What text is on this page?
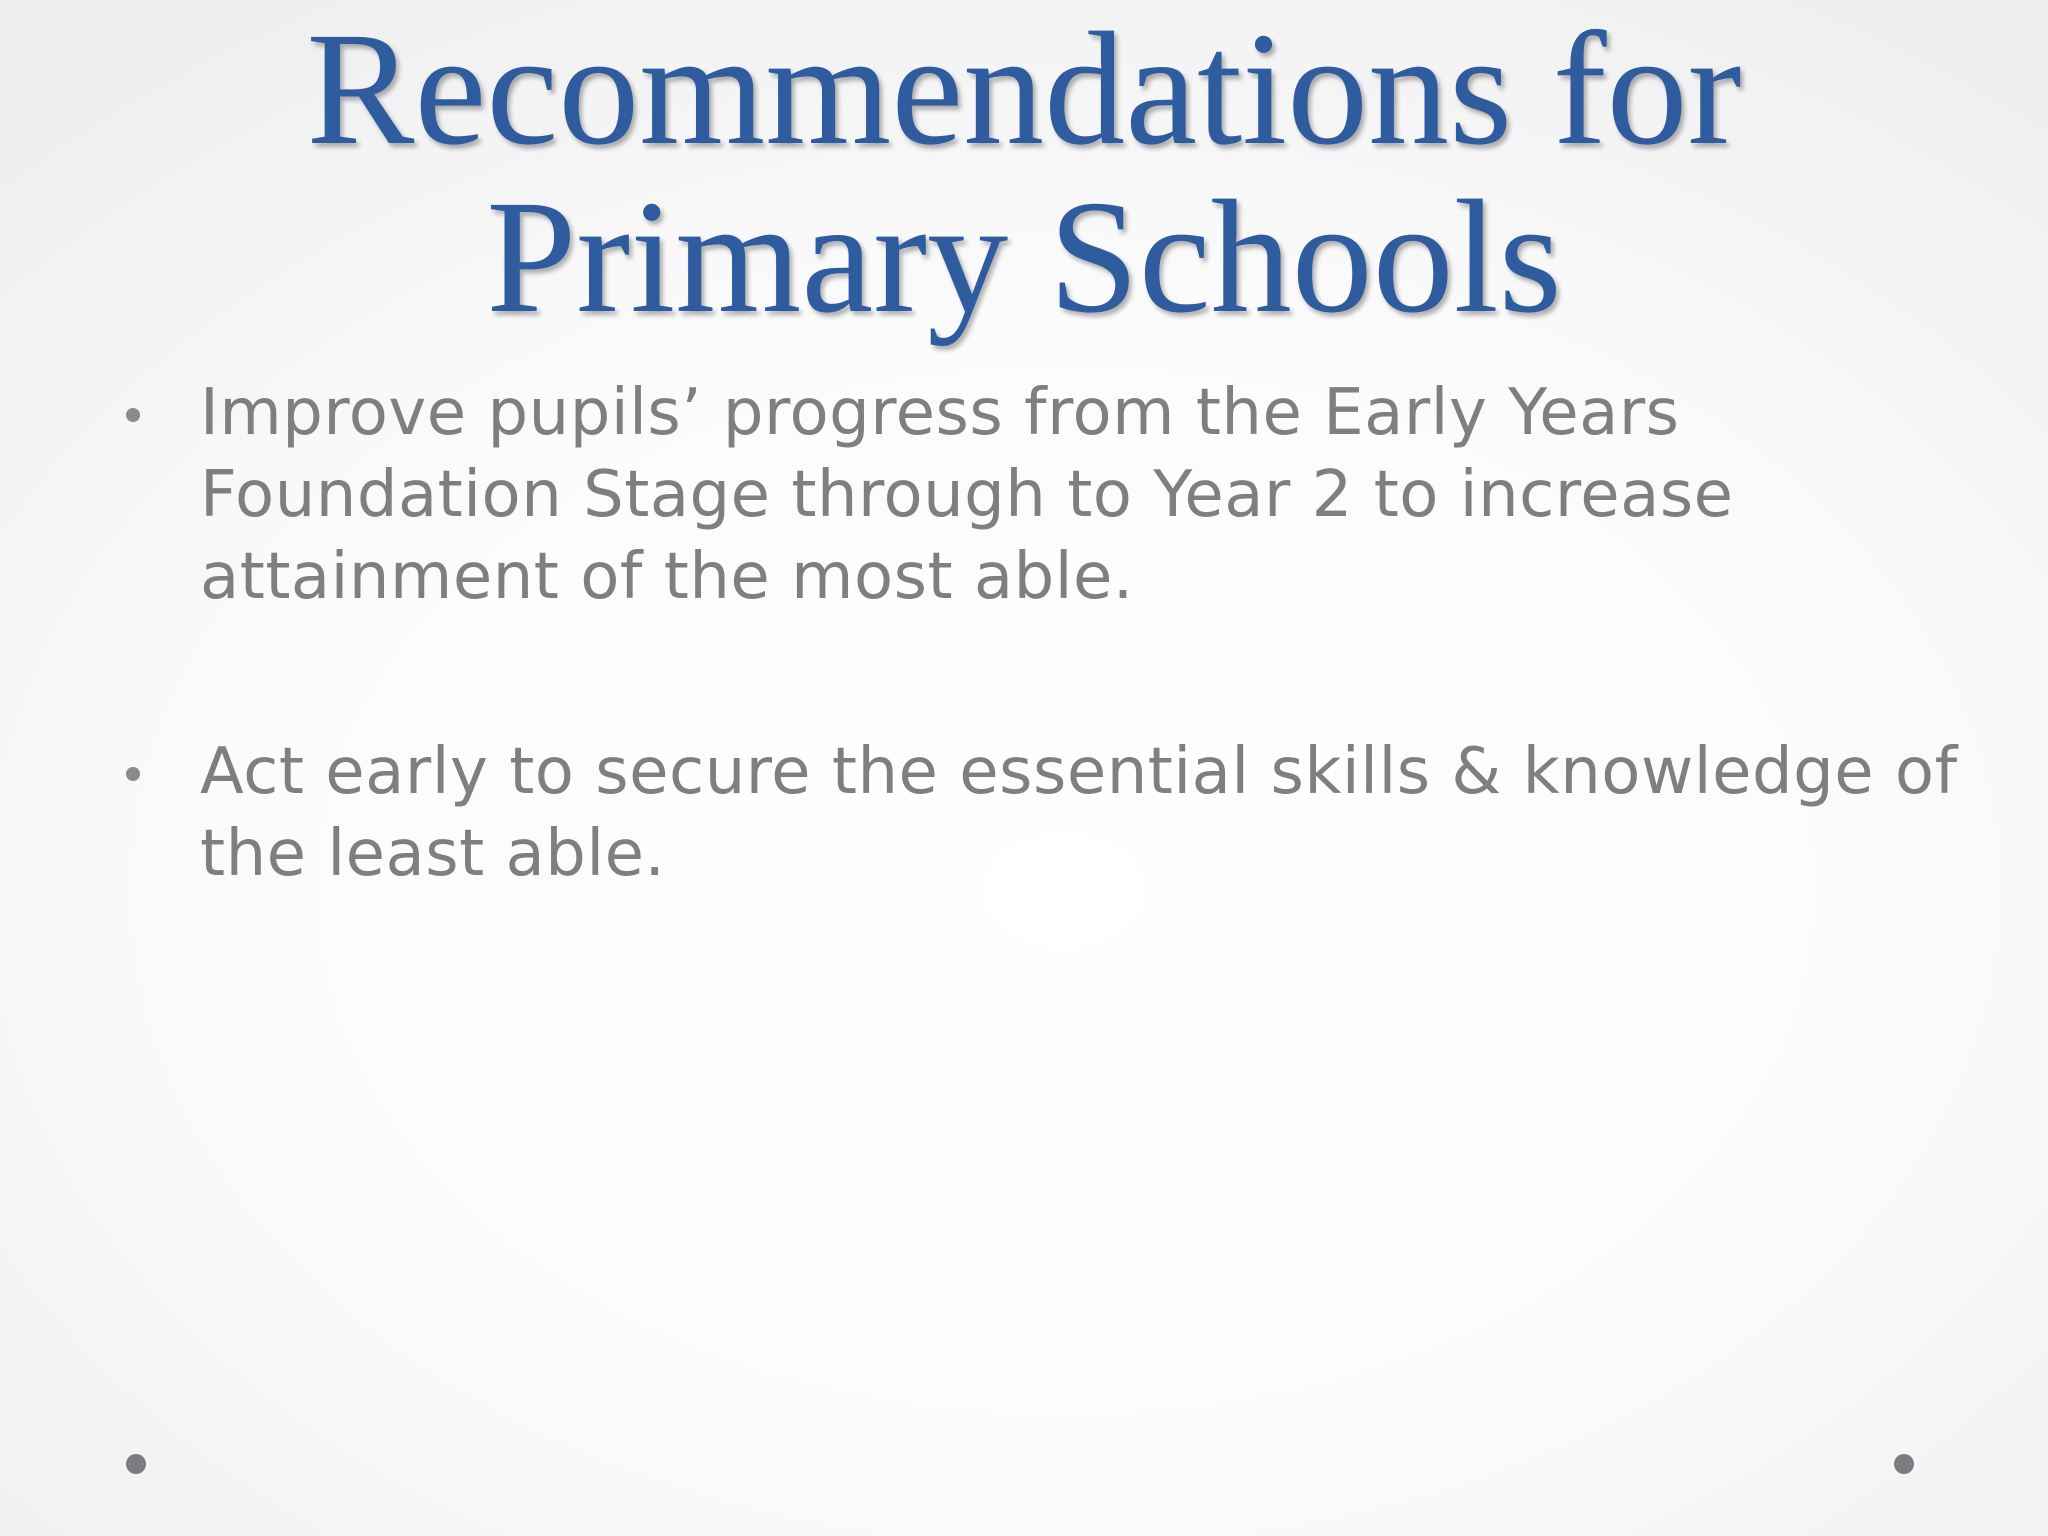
Recommendations for
Primary Schools
Improve pupils’ progress from the Early Years Foundation Stage through to Year 2 to increase attainment of the most able.
Act early to secure the essential skills & knowledge of the least able.
